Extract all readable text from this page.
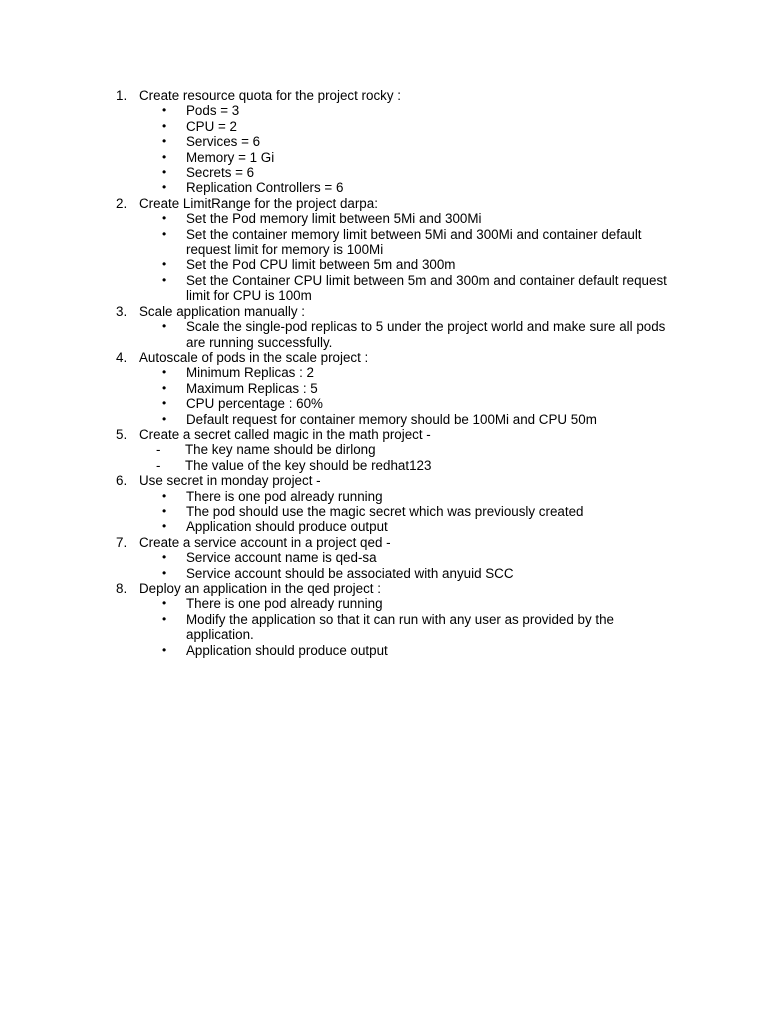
1. Create resource quota for the project rocky :
• Pods = 3
• CPU = 2
• Services = 6
• Memory = 1 Gi
• Secrets = 6
• Replication Controllers = 6
2. Create LimitRange for the project darpa:
• Set the Pod memory limit between 5Mi and 300Mi
• Set the container memory limit between 5Mi and 300Mi and container default request limit for memory is 100Mi
• Set the Pod CPU limit between 5m and 300m
• Set the Container CPU limit between 5m and 300m and container default request limit for CPU is 100m
3. Scale application manually :
• Scale the single-pod replicas to 5 under the project world and make sure all pods are running successfully.
4. Autoscale of pods in the scale project :
• Minimum Replicas : 2
• Maximum Replicas : 5
• CPU percentage : 60%
• Default request for container memory should be 100Mi and CPU 50m
5. Create a secret called magic in the math project -
- The key name should be dirlong
- The value of the key should be redhat123
6. Use secret in monday project -
• There is one pod already running
• The pod should use the magic secret which was previously created
• Application should produce output
7. Create a service account in a project qed -
• Service account name is qed-sa
• Service account should be associated with anyuid SCC
8. Deploy an application in the qed project :
• There is one pod already running
• Modify the application so that it can run with any user as provided by the application.
• Application should produce output
